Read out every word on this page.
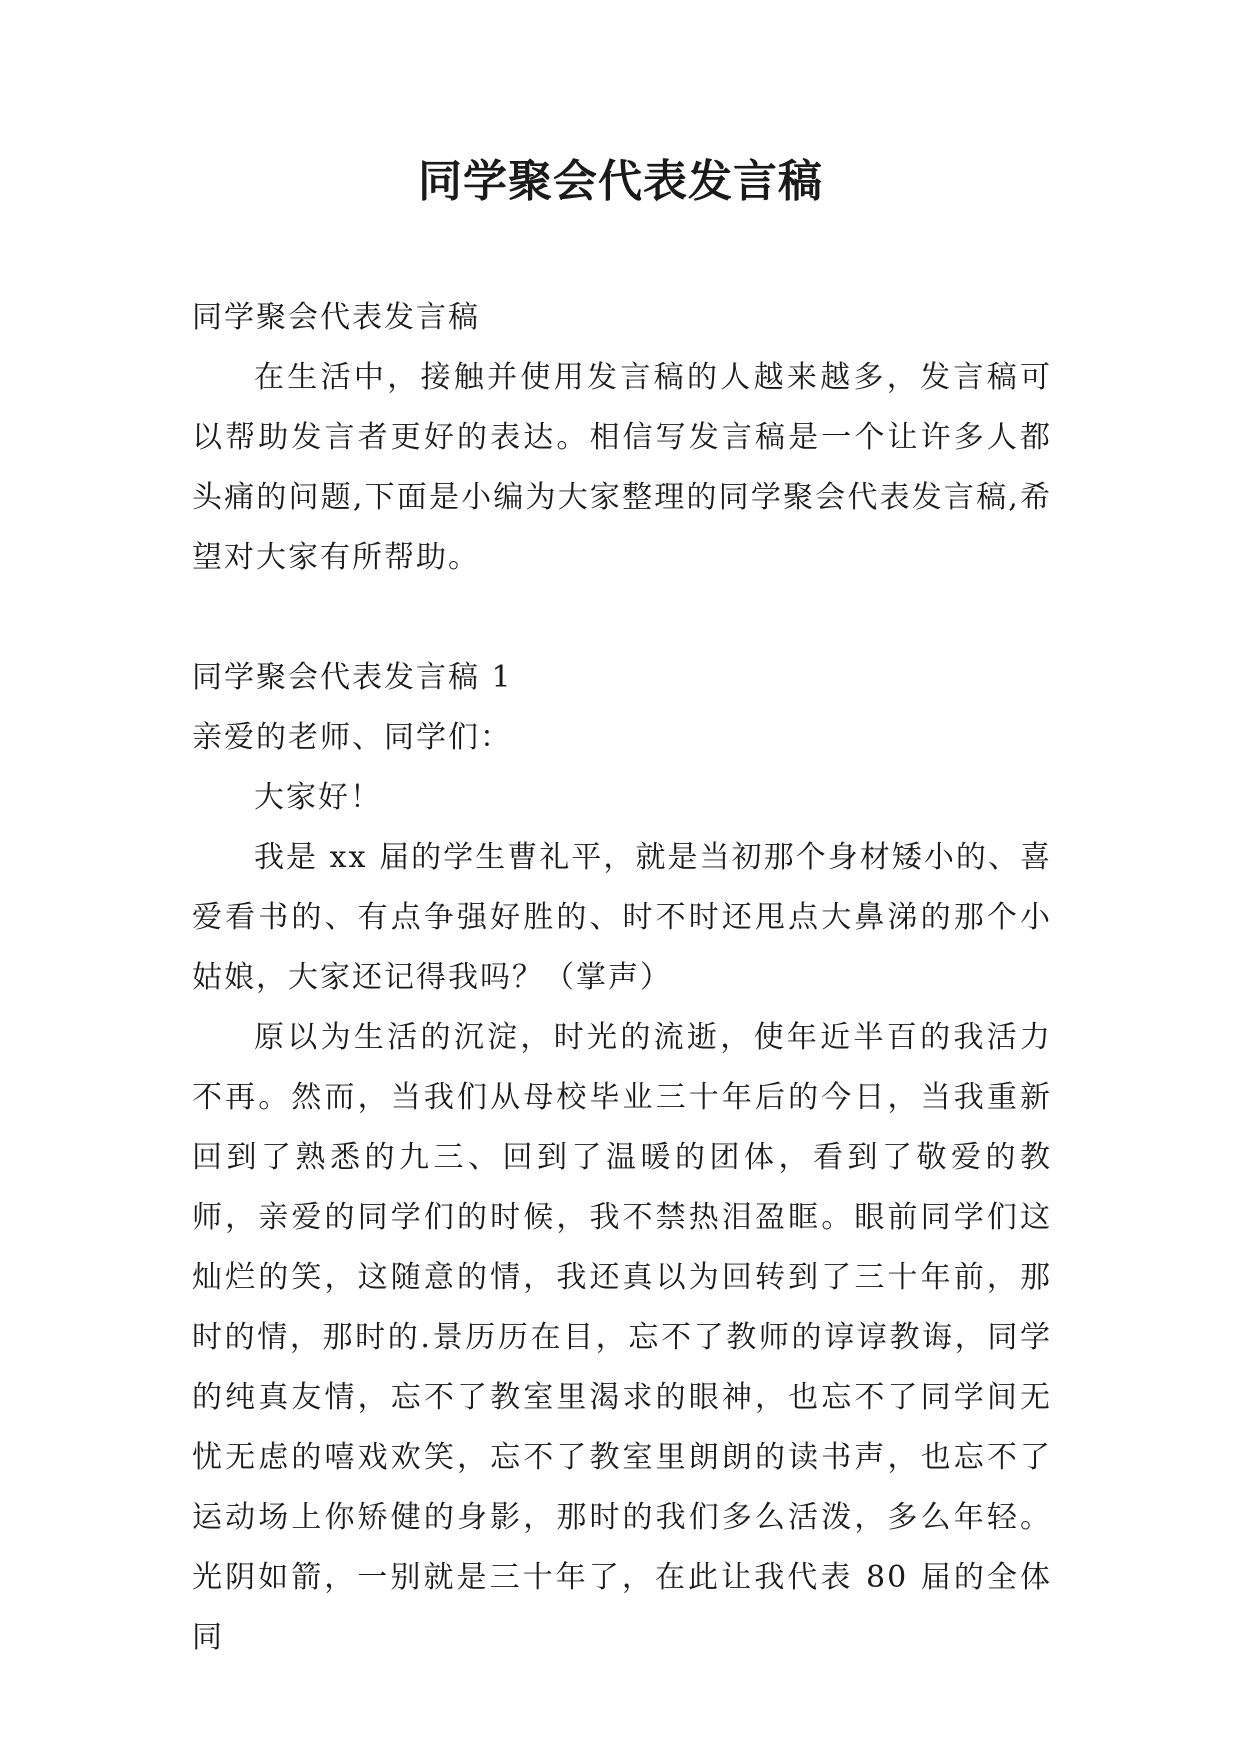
同学聚会代表发言稿

同学聚会代表发言稿

在生活中，接触并使用发言稿的人越来越多，发言稿可以帮助发言者更好的表达。相信写发言稿是一个让许多人都头痛的问题,下面是小编为大家整理的同学聚会代表发言稿,希望对大家有所帮助。

同学聚会代表发言稿 1

亲爱的老师、同学们：

大家好！

我是 xx 届的学生曹礼平，就是当初那个身材矮小的、喜爱看书的、有点争强好胜的、时不时还甩点大鼻涕的那个小姑娘，大家还记得我吗？（掌声）

原以为生活的沉淀，时光的流逝，使年近半百的我活力不再。然而，当我们从母校毕业三十年后的今日，当我重新回到了熟悉的九三、回到了温暖的团体，看到了敬爱的教师，亲爱的同学们的时候，我不禁热泪盈眶。眼前同学们这灿烂的笑，这随意的情，我还真以为回转到了三十年前，那时的情，那时的.景历历在目，忘不了教师的谆谆教诲，同学的纯真友情，忘不了教室里渴求的眼神，也忘不了同学间无忧无虑的嘻戏欢笑，忘不了教室里朗朗的读书声，也忘不了运动场上你矫健的身影，那时的我们多么活泼，多么年轻。光阴如箭，一别就是三十年了，在此让我代表 80 届的全体同
